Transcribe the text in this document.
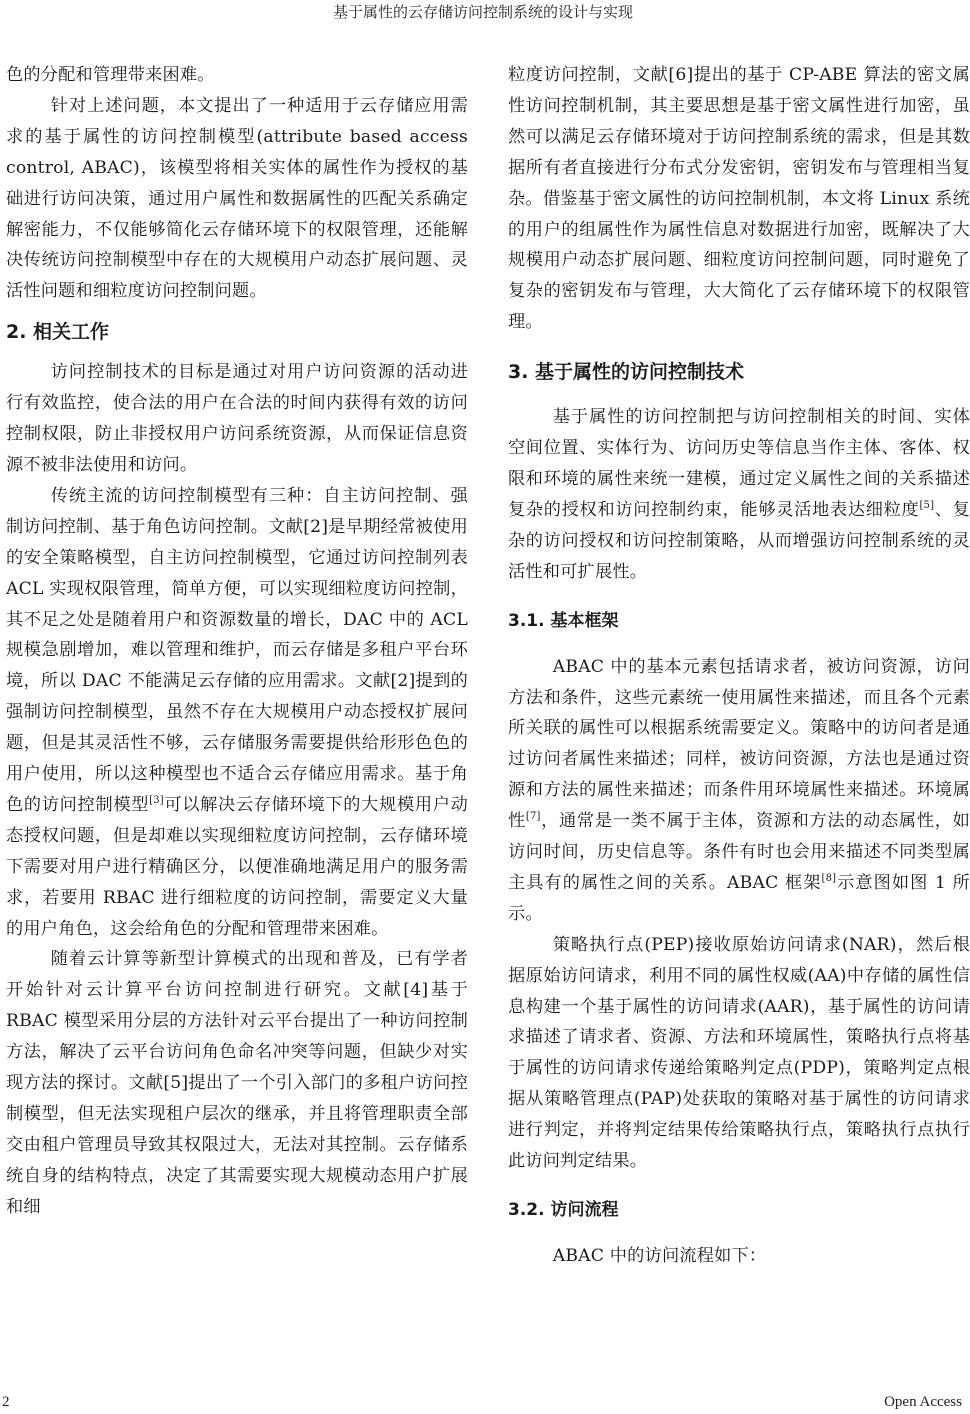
基于属性的云存储访问控制系统的设计与实现

色的分配和管理带来困难。

针对上述问题，本文提出了一种适用于云存储应用需求的基于属性的访问控制模型(attribute based access control, ABAC)，该模型将相关实体的属性作为授权的基础进行访问决策，通过用户属性和数据属性的匹配关系确定解密能力，不仅能够简化云存储环境下的权限管理，还能解决传统访问控制模型中存在的大规模用户动态扩展问题、灵活性问题和细粒度访问控制问题。

2. 相关工作

访问控制技术的目标是通过对用户访问资源的活动进行有效监控，使合法的用户在合法的时间内获得有效的访问控制权限，防止非授权用户访问系统资源，从而保证信息资源不被非法使用和访问。

传统主流的访问控制模型有三种：自主访问控制、强制访问控制、基于角色访问控制。文献[2]是早期经常被使用的安全策略模型，自主访问控制模型，它通过访问控制列表 ACL 实现权限管理，简单方便，可以实现细粒度访问控制，其不足之处是随着用户和资源数量的增长，DAC 中的 ACL 规模急剧增加，难以管理和维护，而云存储是多租户平台环境，所以 DAC 不能满足云存储的应用需求。文献[2]提到的强制访问控制模型，虽然不存在大规模用户动态授权扩展问题，但是其灵活性不够，云存储服务需要提供给形形色色的用户使用，所以这种模型也不适合云存储应用需求。基于角色的访问控制模型[3]可以解决云存储环境下的大规模用户动态授权问题，但是却难以实现细粒度访问控制，云存储环境下需要对用户进行精确区分，以便准确地满足用户的服务需求，若要用 RBAC 进行细粒度的访问控制，需要定义大量的用户角色，这会给角色的分配和管理带来困难。

随着云计算等新型计算模式的出现和普及，已有学者开始针对云计算平台访问控制进行研究。文献[4]基于 RBAC 模型采用分层的方法针对云平台提出了一种访问控制方法，解决了云平台访问角色命名冲突等问题，但缺少对实现方法的探讨。文献[5]提出了一个引入部门的多租户访问控制模型，但无法实现租户层次的继承，并且将管理职责全部交由租户管理员导致其权限过大，无法对其控制。云存储系统自身的结构特点，决定了其需要实现大规模动态用户扩展和细

粒度访问控制，文献[6]提出的基于 CP-ABE 算法的密文属性访问控制机制，其主要思想是基于密文属性进行加密，虽然可以满足云存储环境对于访问控制系统的需求，但是其数据所有者直接进行分布式分发密钥，密钥发布与管理相当复杂。借鉴基于密文属性的访问控制机制，本文将 Linux 系统的用户的组属性作为属性信息对数据进行加密，既解决了大规模用户动态扩展问题、细粒度访问控制问题，同时避免了复杂的密钥发布与管理，大大简化了云存储环境下的权限管理。

3. 基于属性的访问控制技术

基于属性的访问控制把与访问控制相关的时间、实体空间位置、实体行为、访问历史等信息当作主体、客体、权限和环境的属性来统一建模，通过定义属性之间的关系描述复杂的授权和访问控制约束，能够灵活地表达细粒度[5]、复杂的访问授权和访问控制策略，从而增强访问控制系统的灵活性和可扩展性。

3.1. 基本框架

ABAC 中的基本元素包括请求者，被访问资源，访问方法和条件，这些元素统一使用属性来描述，而且各个元素所关联的属性可以根据系统需要定义。策略中的访问者是通过访问者属性来描述；同样，被访问资源，方法也是通过资源和方法的属性来描述；而条件用环境属性来描述。环境属性[7]，通常是一类不属于主体，资源和方法的动态属性，如访问时间，历史信息等。条件有时也会用来描述不同类型属主具有的属性之间的关系。ABAC 框架[8]示意图如图 1 所示。

策略执行点(PEP)接收原始访问请求(NAR)，然后根据原始访问请求，利用不同的属性权威(AA)中存储的属性信息构建一个基于属性的访问请求(AAR)，基于属性的访问请求描述了请求者、资源、方法和环境属性，策略执行点将基于属性的访问请求传递给策略判定点(PDP)，策略判定点根据从策略管理点(PAP)处获取的策略对基于属性的访问请求进行判定，并将判定结果传给策略执行点，策略执行点执行此访问判定结果。

3.2. 访问流程

ABAC 中的访问流程如下：

2	Open Access
